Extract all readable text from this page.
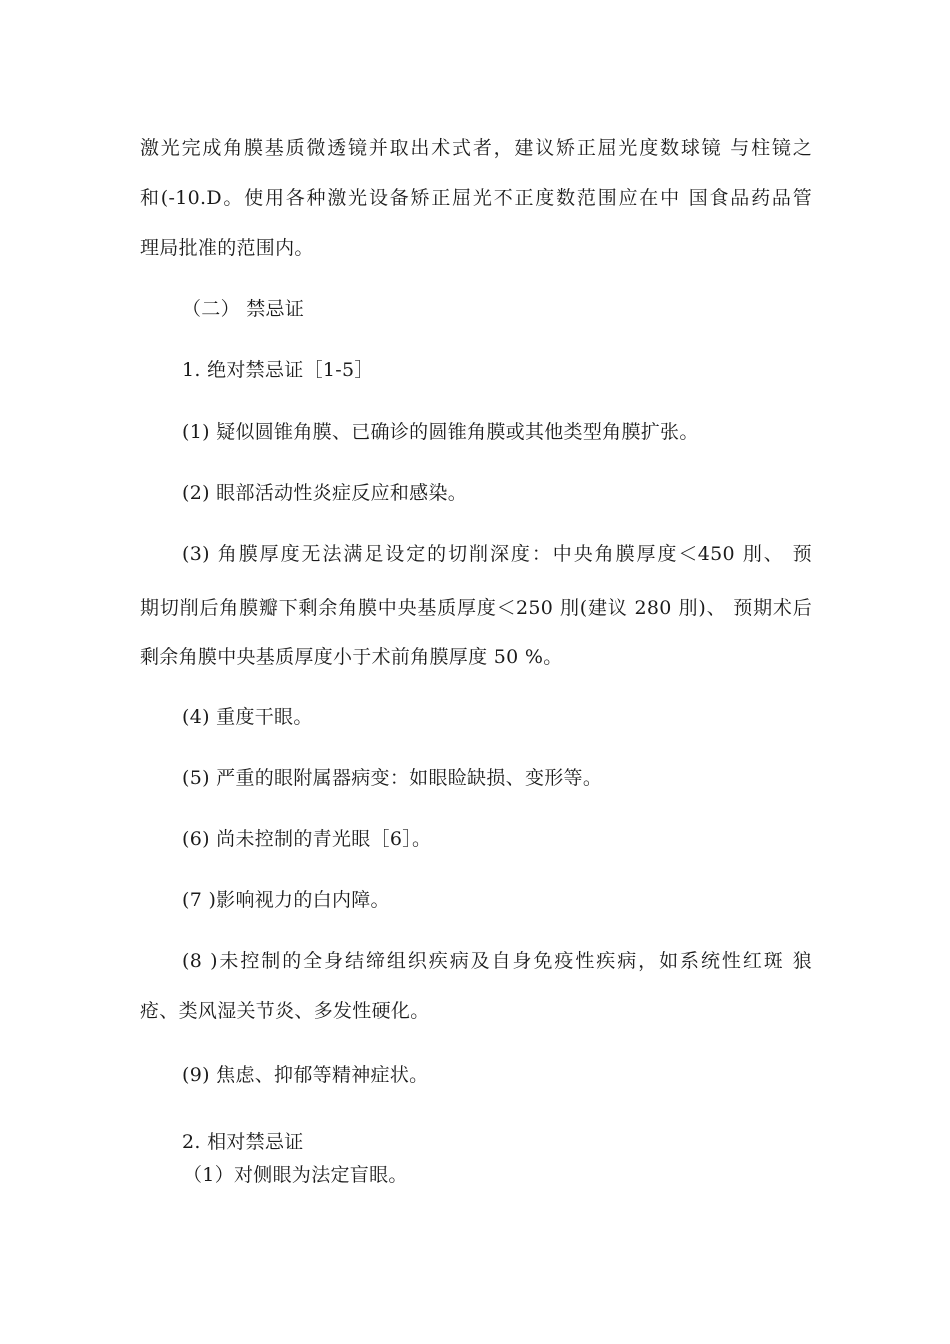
激光完成角膜基质微透镜并取出术式者，建议矫正屈光度数球镜 与柱镜之
和(-10.D。使用各种激光设备矫正屈光不正度数范围应在中 国食品药品管
理局批准的范围内。
（二） 禁忌证
1. 绝对禁忌证［1-5］
(1) 疑似圆锥角膜、已确诊的圆锥角膜或其他类型角膜扩张。
(2) 眼部活动性炎症反应和感染。
(3) 角膜厚度无法满足设定的切削深度：中央角膜厚度＜450 刖、 预
期切削后角膜瓣下剩余角膜中央基质厚度＜250 刖(建议 280 刖)、 预期术后
剩余角膜中央基质厚度小于术前角膜厚度 50 %。
(4) 重度干眼。
(5) 严重的眼附属器病变：如眼睑缺损、变形等。
(6) 尚未控制的青光眼［6］。
(7 )影响视力的白内障。
(8 )未控制的全身结缔组织疾病及自身免疫性疾病，如系统性红斑 狼
疮、类风湿关节炎、多发性硬化。
(9) 焦虑、抑郁等精神症状。
2. 相对禁忌证
（1）对侧眼为法定盲眼。
